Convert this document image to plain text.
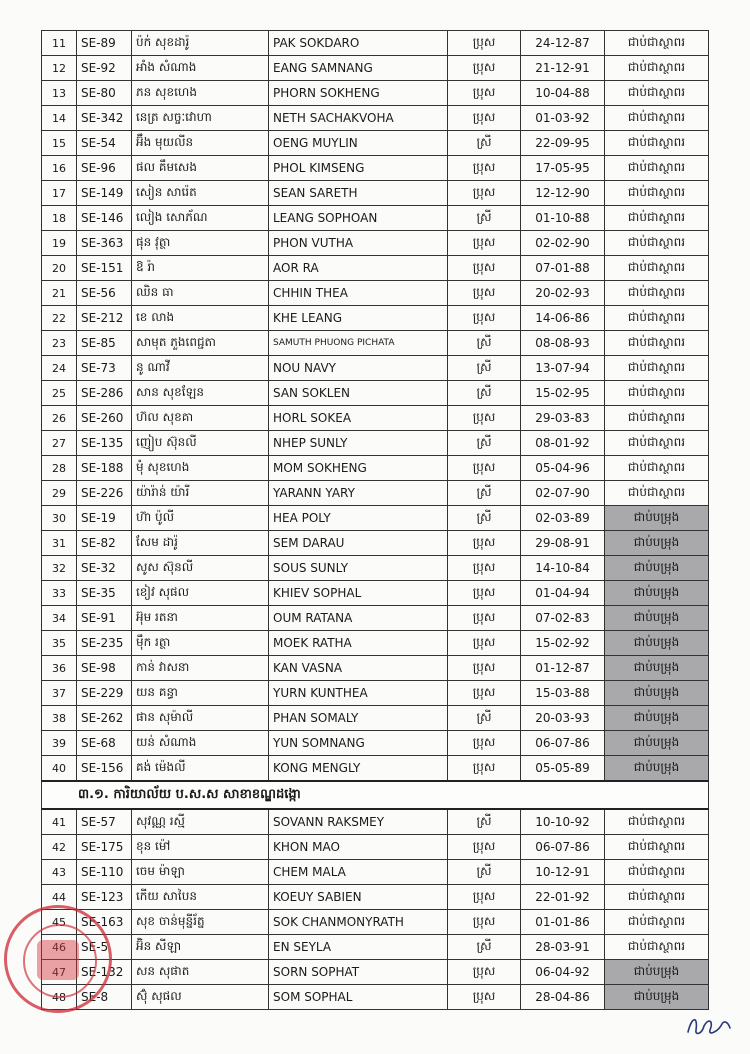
11	SE-89	ប៉ក់ សុខដារ៉ូ	PAK SOKDARO	ប្រុស	24-12-87	ជាប់ជាស្ថាពរ
12	SE-92	អាំង សំណាង	EANG SAMNANG	ប្រុស	21-12-91	ជាប់ជាស្ថាពរ
13	SE-80	ភន សុខហេង	PHORN SOKHENG	ប្រុស	10-04-88	ជាប់ជាស្ថាពរ
14	SE-342	នេត្រ សច្ចៈវោហា	NETH SACHAKVOHA	ប្រុស	01-03-92	ជាប់ជាស្ថាពរ
15	SE-54	អ៊ឹង មុយលីន	OENG MUYLIN	ស្រី	22-09-95	ជាប់ជាស្ថាពរ
16	SE-96	ផល គឹមសេង	PHOL KIMSENG	ប្រុស	17-05-95	ជាប់ជាស្ថាពរ
17	SE-149	សៀន សារ៉េត	SEAN SARETH	ប្រុស	12-12-90	ជាប់ជាស្ថាពរ
18	SE-146	លៀង សោភ័ណ	LEANG SOPHOAN	ស្រី	01-10-88	ជាប់ជាស្ថាពរ
19	SE-363	ផុន វុត្ថា	PHON VUTHA	ប្រុស	02-02-90	ជាប់ជាស្ថាពរ
20	SE-151	ឱ រ៉ា	AOR RA	ប្រុស	07-01-88	ជាប់ជាស្ថាពរ
21	SE-56	ឈិន ធា	CHHIN THEA	ប្រុស	20-02-93	ជាប់ជាស្ថាពរ
22	SE-212	ខេ លាង	KHE LEANG	ប្រុស	14-06-86	ជាប់ជាស្ថាពរ
23	SE-85	សាមុត ភួងពេជ្ជតា	SAMUTH PHUONG PICHATA	ស្រី	08-08-93	ជាប់ជាស្ថាពរ
24	SE-73	នូ ណាវី	NOU NAVY	ស្រី	13-07-94	ជាប់ជាស្ថាពរ
25	SE-286	សាន សុខឡែន	SAN SOKLEN	ស្រី	15-02-95	ជាប់ជាស្ថាពរ
26	SE-260	ហ៊ល សុខគា	HORL SOKEA	ប្រុស	29-03-83	ជាប់ជាស្ថាពរ
27	SE-135	ញៀប ស៊ុនលី	NHEP SUNLY	ស្រី	08-01-92	ជាប់ជាស្ថាពរ
28	SE-188	មុំ សុខហេង	MOM SOKHENG	ប្រុស	05-04-96	ជាប់ជាស្ថាពរ
29	SE-226	យ៉ារ៉ាន់ យ៉ារី	YARANN YARY	ស្រី	02-07-90	ជាប់ជាស្ថាពរ
30	SE-19	ហ៊ា ប៉ូលី	HEA POLY	ស្រី	02-03-89	ជាប់បម្រុង
31	SE-82	សែម ដារ៉ូ	SEM DARAU	ប្រុស	29-08-91	ជាប់បម្រុង
32	SE-32	សូស ស៊ុនលី	SOUS SUNLY	ប្រុស	14-10-84	ជាប់បម្រុង
33	SE-35	ខៀវ សុផល	KHIEV SOPHAL	ប្រុស	01-04-94	ជាប់បម្រុង
34	SE-91	អ៊ុម រតនា	OUM RATANA	ប្រុស	07-02-83	ជាប់បម្រុង
35	SE-235	ម៉ឹក រត្ថា	MOEK RATHA	ប្រុស	15-02-92	ជាប់បម្រុង
36	SE-98	កាន់ វាសនា	KAN VASNA	ប្រុស	01-12-87	ជាប់បម្រុង
37	SE-229	យន គន្ធា	YURN KUNTHEA	ប្រុស	15-03-88	ជាប់បម្រុង
38	SE-262	ផាន សុម៉ាលី	PHAN SOMALY	ស្រី	20-03-93	ជាប់បម្រុង
39	SE-68	យន់ សំណាង	YUN SOMNANG	ប្រុស	06-07-86	ជាប់បម្រុង
40	SE-156	គង់ ម៉េងលី	KONG MENGLY	ប្រុស	05-05-89	ជាប់បម្រុង
៣.១. ការិយាល័យ ប.ស.ស សាខាខណ្ឌដង្កោ						
41	SE-57	សុវណ្ណ រស្មី	SOVANN RAKSMEY	ស្រី	10-10-92	ជាប់ជាស្ថាពរ
42	SE-175	ខុន ម៉ៅ	KHON MAO	ប្រុស	06-07-86	ជាប់ជាស្ថាពរ
43	SE-110	ចេម ម៉ាឡា	CHEM MALA	ស្រី	10-12-91	ជាប់ជាស្ថាពរ
44	SE-123	កើយ សាបៃន	KOEUY SABIEN	ប្រុស	22-01-92	ជាប់ជាស្ថាពរ
45	SE-163	សុខ ចាន់មុន្នីរ័ត្ន	SOK CHANMONYRATH	ប្រុស	01-01-86	ជាប់ជាស្ថាពរ
46	SE-5	អ៊ិន សីឡា	EN SEYLA	ស្រី	28-03-91	ជាប់ជាស្ថាពរ
47	SE-132	សន សុផាត	SORN SOPHAT	ប្រុស	06-04-92	ជាប់បម្រុង
48	SE-8	ស៊ុំ សុផល	SOM SOPHAL	ប្រុស	28-04-86	ជាប់បម្រុង
